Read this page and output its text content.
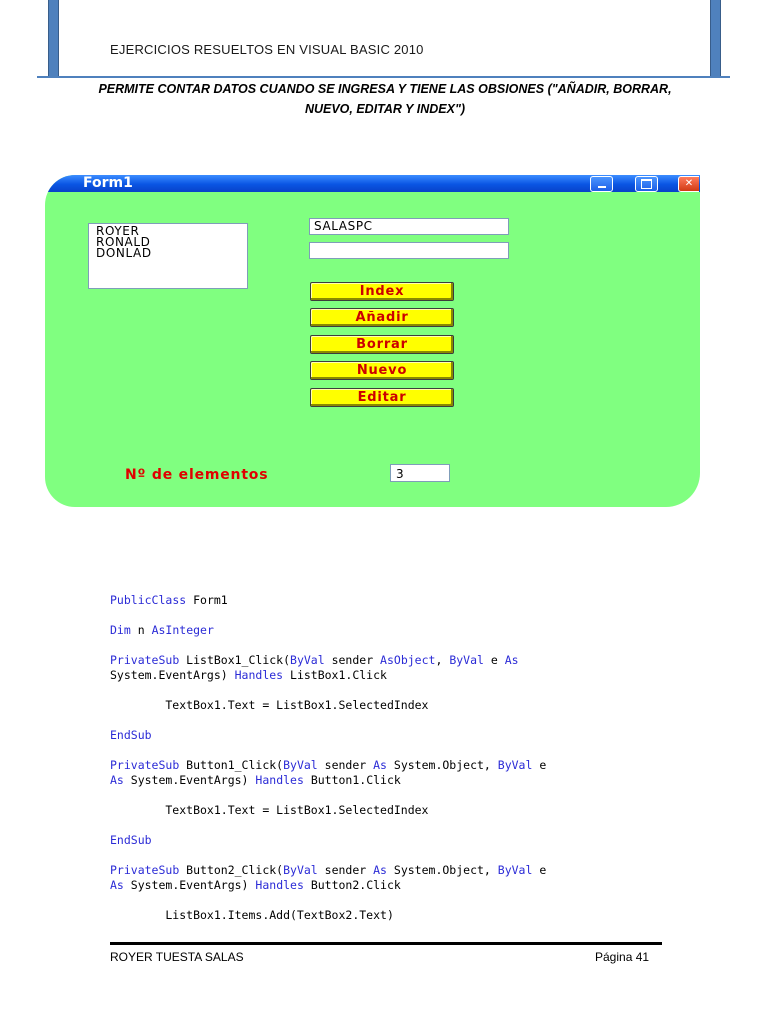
EJERCICIOS RESUELTOS EN VISUAL BASIC 2010
PERMITE CONTAR DATOS CUANDO SE INGRESA Y TIENE LAS OBSIONES ("AÑADIR, BORRAR,
NUEVO, EDITAR Y INDEX")
Form1	✕
ROYER
RONALD
DONLAD
SALASPC
Index
Añadir
Borrar
Nuevo
Editar
Nº de elementos	3
PublicClass Form1
Dim n AsInteger
PrivateSub ListBox1_Click(ByVal sender AsObject, ByVal e As
System.EventArgs) Handles ListBox1.Click
TextBox1.Text = ListBox1.SelectedIndex
EndSub
PrivateSub Button1_Click(ByVal sender As System.Object, ByVal e
As System.EventArgs) Handles Button1.Click
TextBox1.Text = ListBox1.SelectedIndex
EndSub
PrivateSub Button2_Click(ByVal sender As System.Object, ByVal e
As System.EventArgs) Handles Button2.Click
ListBox1.Items.Add(TextBox2.Text)
ROYER TUESTA SALAS	Página 41
